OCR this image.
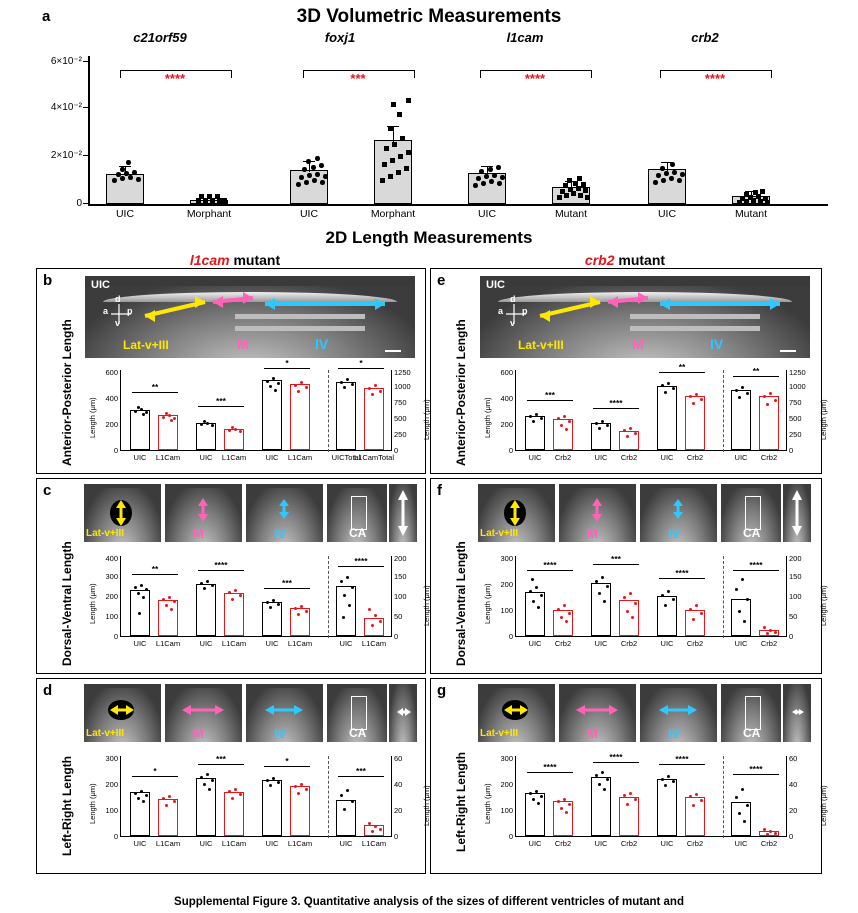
a	3D Volumetric Measurements
c21orf59	foxj1	l1cam	crb2
0
2×10⁻²
4×10⁻²
6×10⁻²
****
UIC	Morphant
***
UIC	Morphant
****
UIC	Mutant
****
UIC	Mutant
2D Length Measurements
l1cam mutant	crb2 mutant
b
Anterior-Posterior Length
UIC
d
a p
v
Lat-v+III	M	IV
0
200
400
600
Length (μm)
0
250
500
750
1000
1250
Length (μm)
**
***
*	*
UIC	L1Cam	UIC	L1Cam	UIC	L1Cam	UICTotal
L1CamTotal
c
Dorsal-Ventral Length
Lat-v+III	M	IV	CA
0
100
200
300
400
Length (μm)
0
50
100
150
200
Length (μm)
**	****
***
****
UIC	L1Cam	UIC	L1Cam	UIC	L1Cam	UIC	L1Cam
d
Left-Right Length
Lat-v+III	M	IV	CA
0
100
200
300
Length (μm)
0
20
40
60
Length (μm)
*
***	*
***
UIC	L1Cam	UIC	L1Cam	UIC	L1Cam	UIC	L1Cam
e
Anterior-Posterior Length
UIC
d
a p
v
Lat-v+III	M	IV
0
200
400
600
Length (μm)
0
250
500
750
1000
1250
Length (μm)
***
****
**	**
UIC	Crb2	UIC	Crb2	UIC	Crb2	UIC	Crb2
f
Dorsal-Ventral Length
Lat-v+III	M	IV	CA
0
100
200
300
Length (μm)
0
50
100
150
200
Length (μm)
****
***
****
****
UIC	Crb2	UIC	Crb2	UIC	Crb2	UIC	Crb2
g
Left-Right Length
Lat-v+III	M	IV	CA
0
100
200
300
Length (μm)
0
20
40
60
Length (μm)
****
****	****
****
UIC	Crb2	UIC	Crb2	UIC	Crb2	UIC	Crb2
Supplemental Figure 3. Quantitative analysis of the sizes of different ventricles of mutant and
